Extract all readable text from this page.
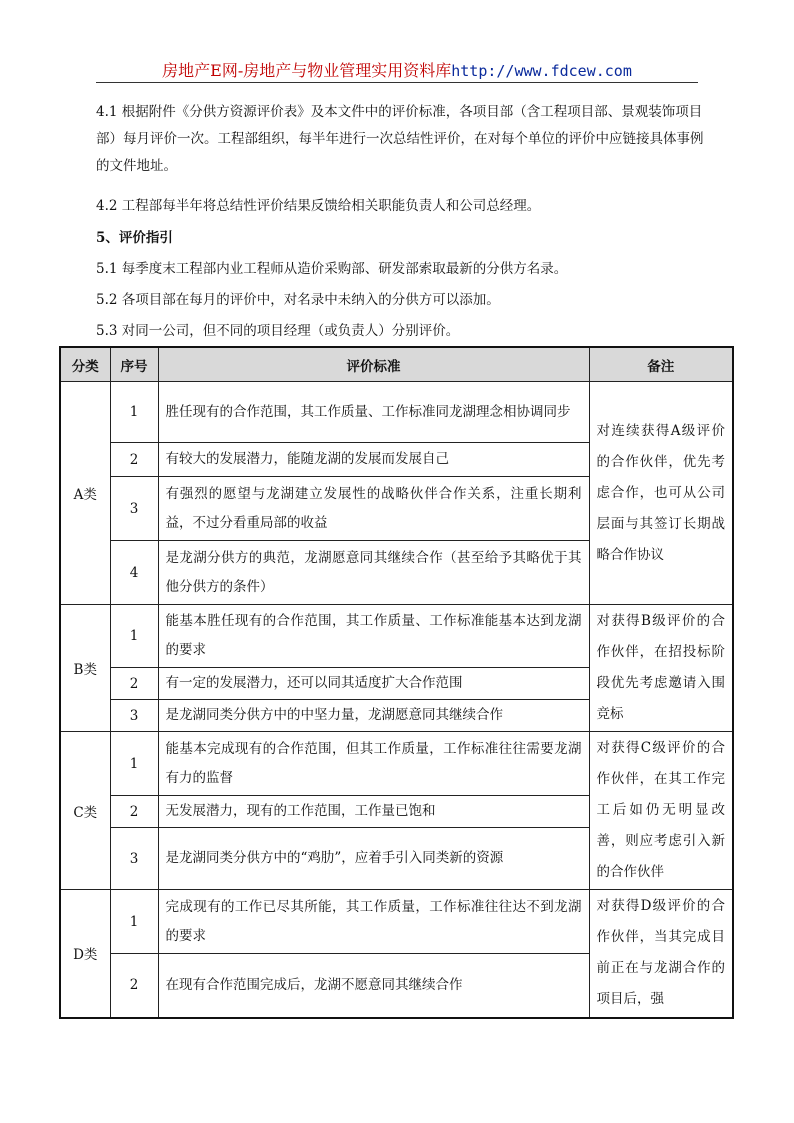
房地产E网-房地产与物业管理实用资料库http://www.fdcew.com

4.1 根据附件《分供方资源评价表》及本文件中的评价标准，各项目部（含工程项目部、景观装饰项目部）每月评价一次。工程部组织，每半年进行一次总结性评价，在对每个单位的评价中应链接具体事例的文件地址。

4.2 工程部每半年将总结性评价结果反馈给相关职能负责人和公司总经理。

5、评价指引

5.1 每季度末工程部内业工程师从造价采购部、研发部索取最新的分供方名录。

5.2 各项目部在每月的评价中，对名录中未纳入的分供方可以添加。

5.3 对同一公司，但不同的项目经理（或负责人）分别评价。

分类	序号	评价标准	备注
A类	1	胜任现有的合作范围，其工作质量、工作标准同龙湖理念相协调同步	对连续获得A级评价的合作伙伴，优先考虑合作，也可从公司层面与其签订长期战略合作协议
	2	有较大的发展潜力，能随龙湖的发展而发展自己	
	3	有强烈的愿望与龙湖建立发展性的战略伙伴合作关系，注重长期利益，不过分看重局部的收益	
	4	是龙湖分供方的典范，龙湖愿意同其继续合作（甚至给予其略优于其他分供方的条件）	
B类	1	能基本胜任现有的合作范围，其工作质量、工作标准能基本达到龙湖的要求	对获得B级评价的合作伙伴，在招投标阶段优先考虑邀请入围竞标
	2	有一定的发展潜力，还可以同其适度扩大合作范围	
	3	是龙湖同类分供方中的中坚力量，龙湖愿意同其继续合作	
C类	1	能基本完成现有的合作范围，但其工作质量，工作标准往往需要龙湖有力的监督	对获得C级评价的合作伙伴，在其工作完工后如仍无明显改善，则应考虑引入新的合作伙伴
	2	无发展潜力，现有的工作范围，工作量已饱和	
	3	是龙湖同类分供方中的“鸡肋”，应着手引入同类新的资源	
D类	1	完成现有的工作已尽其所能，其工作质量，工作标准往往达不到龙湖的要求	对获得D级评价的合作伙伴，当其完成目前正在与龙湖合作的项目后，强
	2	在现有合作范围完成后，龙湖不愿意同其继续合作	
